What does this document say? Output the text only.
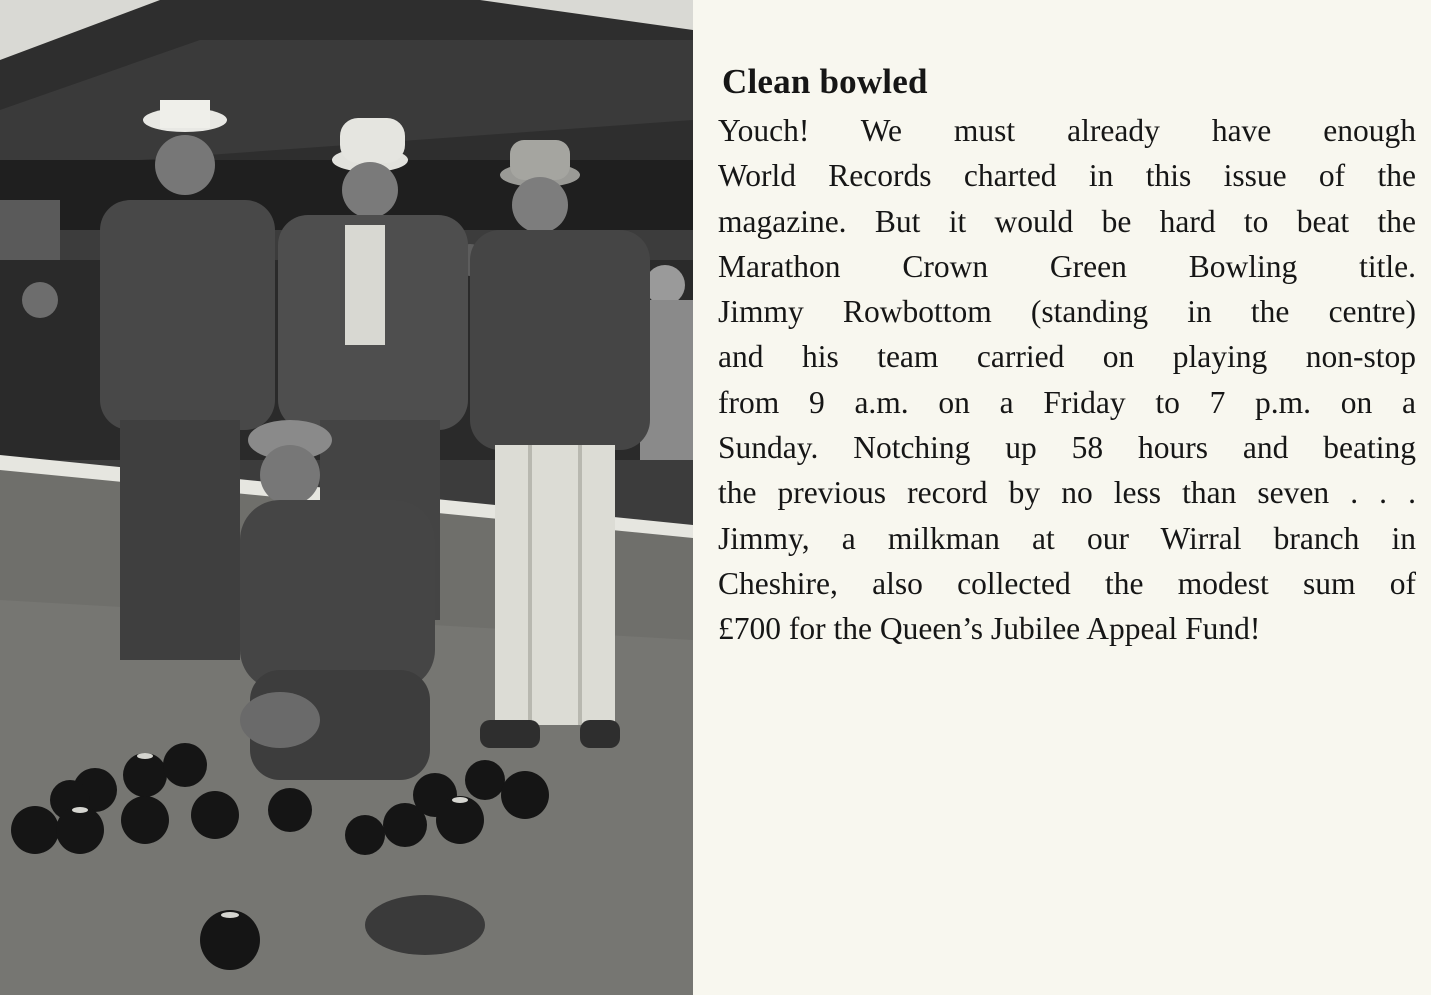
Clean bowled

Youch! We must already have enough
World Records charted in this issue of the
magazine. But it would be hard to beat the
Marathon Crown Green Bowling title.
Jimmy Rowbottom (standing in the centre)
and his team carried on playing non-stop
from 9 a.m. on a Friday to 7 p.m. on a
Sunday. Notching up 58 hours and beating
the previous record by no less than seven . . .
Jimmy, a milkman at our Wirral branch in
Cheshire, also collected the modest sum of
£700 for the Queen’s Jubilee Appeal Fund!
